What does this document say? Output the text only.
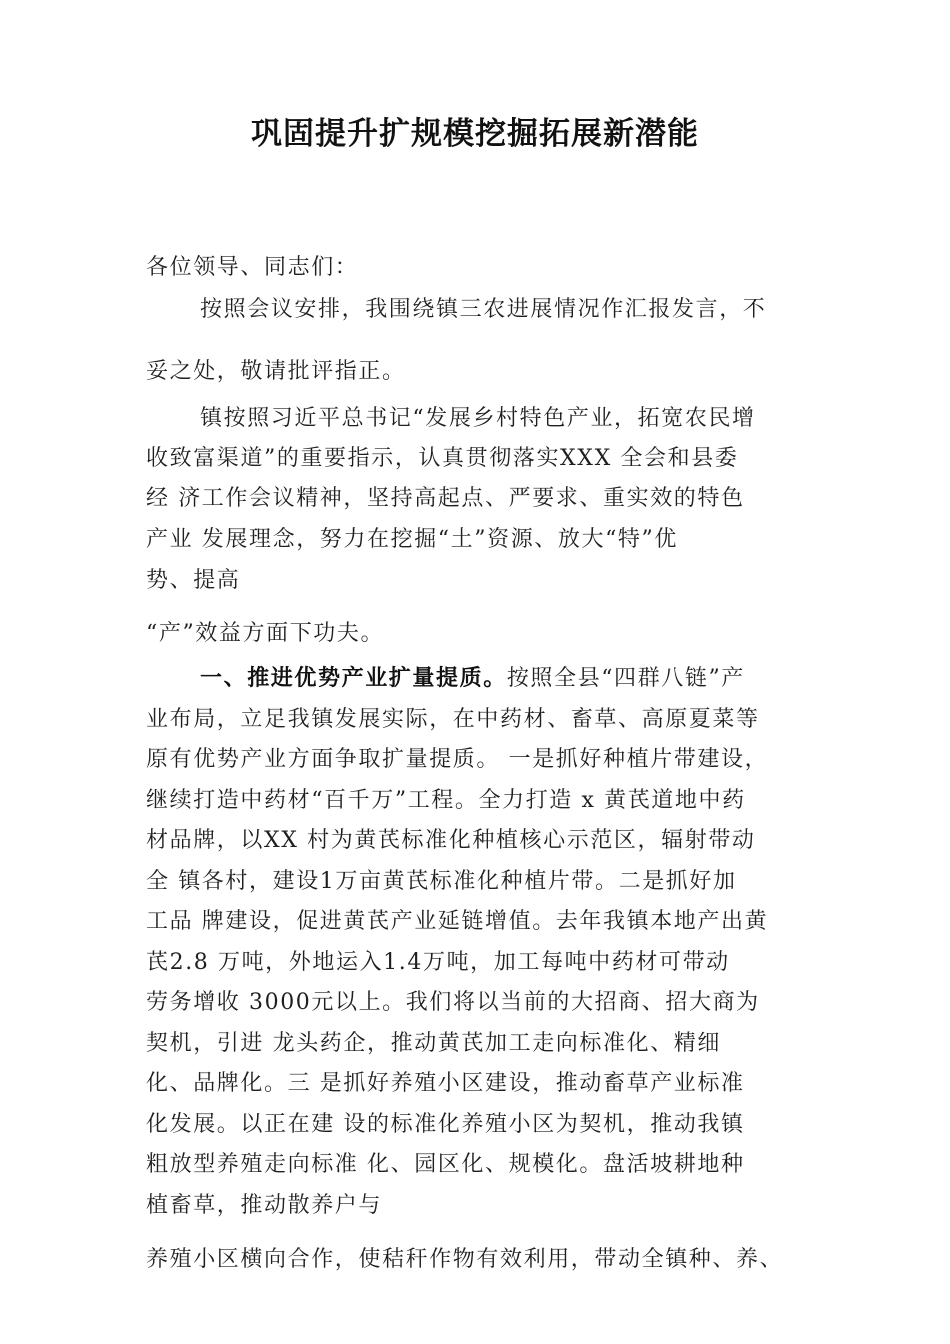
巩固提升扩规模挖掘拓展新潜能
各位领导、同志们：
按照会议安排，我围绕镇三农进展情况作汇报发言，不
妥之处，敬请批评指正。
镇按照习近平总书记“发展乡村特色产业，拓宽农民增
收致富渠道”的重要指示，认真贯彻落实XXX 全会和县委
经 济工作会议精神，坚持高起点、严要求、重实效的特色
产业 发展理念，努力在挖掘“土”资源、放大“特”优
势、提高
“产”效益方面下功夫。
一、推进优势产业扩量提质。按照全县“四群八链”产
业布局，立足我镇发展实际，在中药材、畜草、高原夏菜等
原有优势产业方面争取扩量提质。 一是抓好种植片带建设，
继续打造中药材“百千万”工程。全力打造 x 黄芪道地中药
材品牌，以XX 村为黄芪标准化种植核心示范区，辐射带动
全 镇各村，建设1万亩黄芪标准化种植片带。二是抓好加
工品 牌建设，促进黄芪产业延链增值。去年我镇本地产出黄
芪2.8 万吨，外地运入1.4万吨，加工每吨中药材可带动
劳务增收 3000元以上。我们将以当前的大招商、招大商为
契机，引进 龙头药企，推动黄芪加工走向标准化、精细
化、品牌化。三 是抓好养殖小区建设，推动畜草产业标准
化发展。以正在建 设的标准化养殖小区为契机，推动我镇
粗放型养殖走向标准 化、园区化、规模化。盘活坡耕地种
植畜草，推动散养户与
养殖小区横向合作，使秸秆作物有效利用，带动全镇种、养、
